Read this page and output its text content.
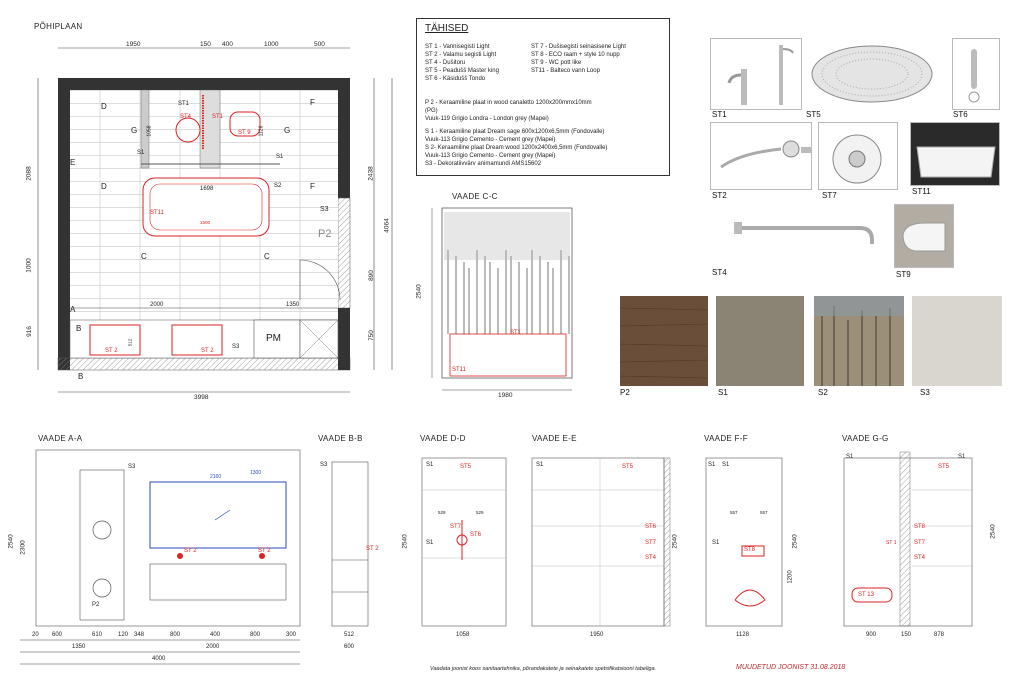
PÕHIPLAAN
1950	150 400	1000	500
3998
2088
1000
916
2438
890
750
4064
2000	1350
1058	1126
1698
1500
512
D
D
F
F
G	G
E
C	C
A
B
B
S3
P2
PM
ST1
ST4	ST1
ST 9
S1
S1
S2
ST11
ST 2	ST 2
S3
TÄHISED
ST 1 - Vannisegisti Light
ST 2 - Valamu segisti Light
ST 4 - Dušitoru
ST 5 - Peadušš Master king
ST 6 - Käsidušš Tondo
ST 7 - Dušisegisti seinasisene Light
ST 8 - ECO raam + style 10 nupp
ST 9 - WC pott like
ST11 - Balteco vann Loop
P 2 - Keraamiline plaat in wood canaletto 1200x200mmx10mm
(PG)
Vuuk-119 Grigio Londra - London grey (Mapei)
S 1 - Keraamiline plaat Dream sage 600x1200x6,5mm (Fondovalle)
Vuuk-113 Grigio Cemento - Cement grey (Mapei)
S 2- Keraamiline plaat Dream wood 1200x2400x6,5mm (Fondovalle)
Vuuk-113 Grigio Cemento - Cement grey (Mapei)
S3 - Dekoratiivvärv animamundi AMS15602
ST1	ST5	ST6
ST2	ST7	ST11
ST4	ST9
P2	S1	S2	S3
VAADE C-C
2540
1980
ST11
ST1
VAADE A-A
S3
ST 2	ST 2
P2
2160
1300
2540 2300
20 600	610	120 348	800	400	800	300
1350	2000
4000
VAADE B-B
S3
ST 2
512
600
VAADE D-D
S1	ST5
ST7
ST6
S1
529	529
2540
1058
VAADE E-E
S1	ST5
ST6
ST7
ST4
2540
1950
VAADE F-F
S1 S1
ST8
S1
557	557
2540
1200
1128
VAADE G-G
S1	S1
ST5
ST8
ST7
ST4
ST 13
ST 1
2540
900	150	878
Vaadata joonist koos sanitaartehnika, põrandakatete ja seinakatete spetsifikatsiooni tabeliga.	MUUDETUD JOONIST 31.08.2018
